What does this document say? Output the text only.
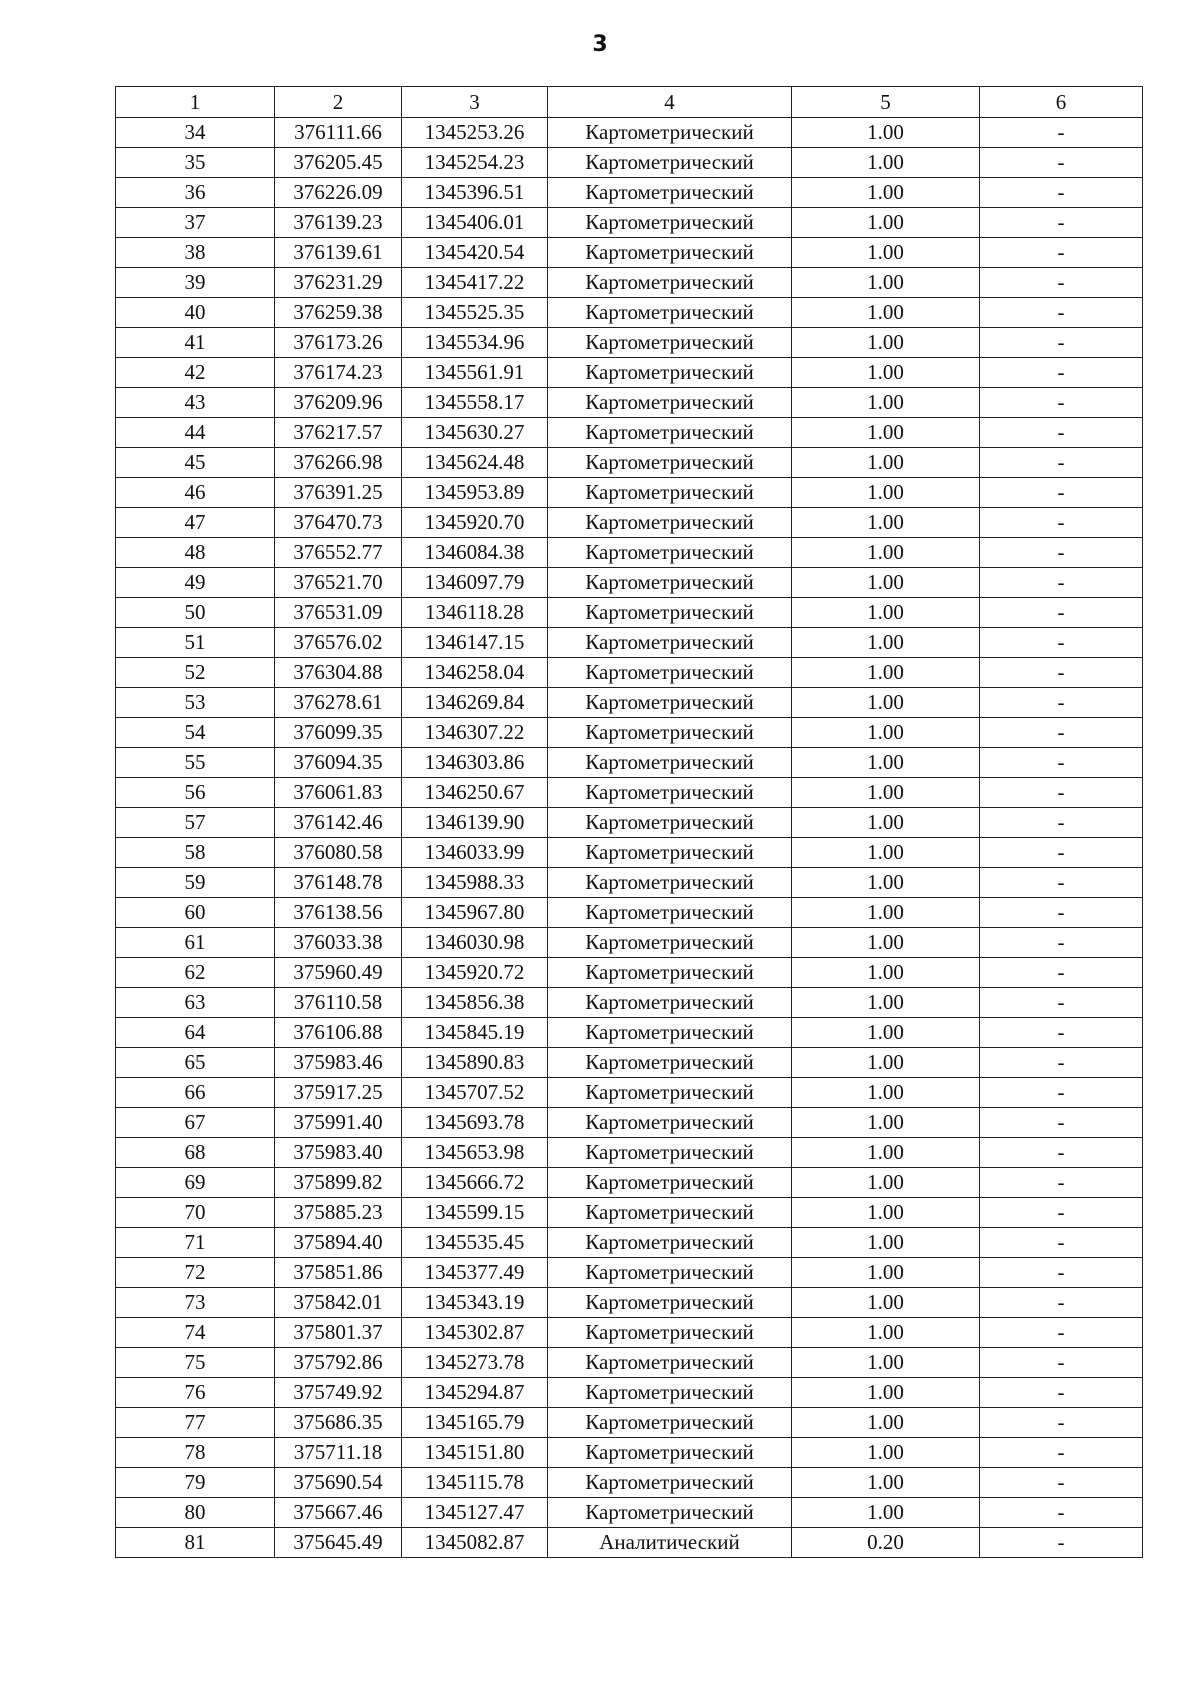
3
1	2	3	4	5	6
34	376111.66	1345253.26	Картометрический	1.00	-
35	376205.45	1345254.23	Картометрический	1.00	-
36	376226.09	1345396.51	Картометрический	1.00	-
37	376139.23	1345406.01	Картометрический	1.00	-
38	376139.61	1345420.54	Картометрический	1.00	-
39	376231.29	1345417.22	Картометрический	1.00	-
40	376259.38	1345525.35	Картометрический	1.00	-
41	376173.26	1345534.96	Картометрический	1.00	-
42	376174.23	1345561.91	Картометрический	1.00	-
43	376209.96	1345558.17	Картометрический	1.00	-
44	376217.57	1345630.27	Картометрический	1.00	-
45	376266.98	1345624.48	Картометрический	1.00	-
46	376391.25	1345953.89	Картометрический	1.00	-
47	376470.73	1345920.70	Картометрический	1.00	-
48	376552.77	1346084.38	Картометрический	1.00	-
49	376521.70	1346097.79	Картометрический	1.00	-
50	376531.09	1346118.28	Картометрический	1.00	-
51	376576.02	1346147.15	Картометрический	1.00	-
52	376304.88	1346258.04	Картометрический	1.00	-
53	376278.61	1346269.84	Картометрический	1.00	-
54	376099.35	1346307.22	Картометрический	1.00	-
55	376094.35	1346303.86	Картометрический	1.00	-
56	376061.83	1346250.67	Картометрический	1.00	-
57	376142.46	1346139.90	Картометрический	1.00	-
58	376080.58	1346033.99	Картометрический	1.00	-
59	376148.78	1345988.33	Картометрический	1.00	-
60	376138.56	1345967.80	Картометрический	1.00	-
61	376033.38	1346030.98	Картометрический	1.00	-
62	375960.49	1345920.72	Картометрический	1.00	-
63	376110.58	1345856.38	Картометрический	1.00	-
64	376106.88	1345845.19	Картометрический	1.00	-
65	375983.46	1345890.83	Картометрический	1.00	-
66	375917.25	1345707.52	Картометрический	1.00	-
67	375991.40	1345693.78	Картометрический	1.00	-
68	375983.40	1345653.98	Картометрический	1.00	-
69	375899.82	1345666.72	Картометрический	1.00	-
70	375885.23	1345599.15	Картометрический	1.00	-
71	375894.40	1345535.45	Картометрический	1.00	-
72	375851.86	1345377.49	Картометрический	1.00	-
73	375842.01	1345343.19	Картометрический	1.00	-
74	375801.37	1345302.87	Картометрический	1.00	-
75	375792.86	1345273.78	Картометрический	1.00	-
76	375749.92	1345294.87	Картометрический	1.00	-
77	375686.35	1345165.79	Картометрический	1.00	-
78	375711.18	1345151.80	Картометрический	1.00	-
79	375690.54	1345115.78	Картометрический	1.00	-
80	375667.46	1345127.47	Картометрический	1.00	-
81	375645.49	1345082.87	Аналитический	0.20	-
